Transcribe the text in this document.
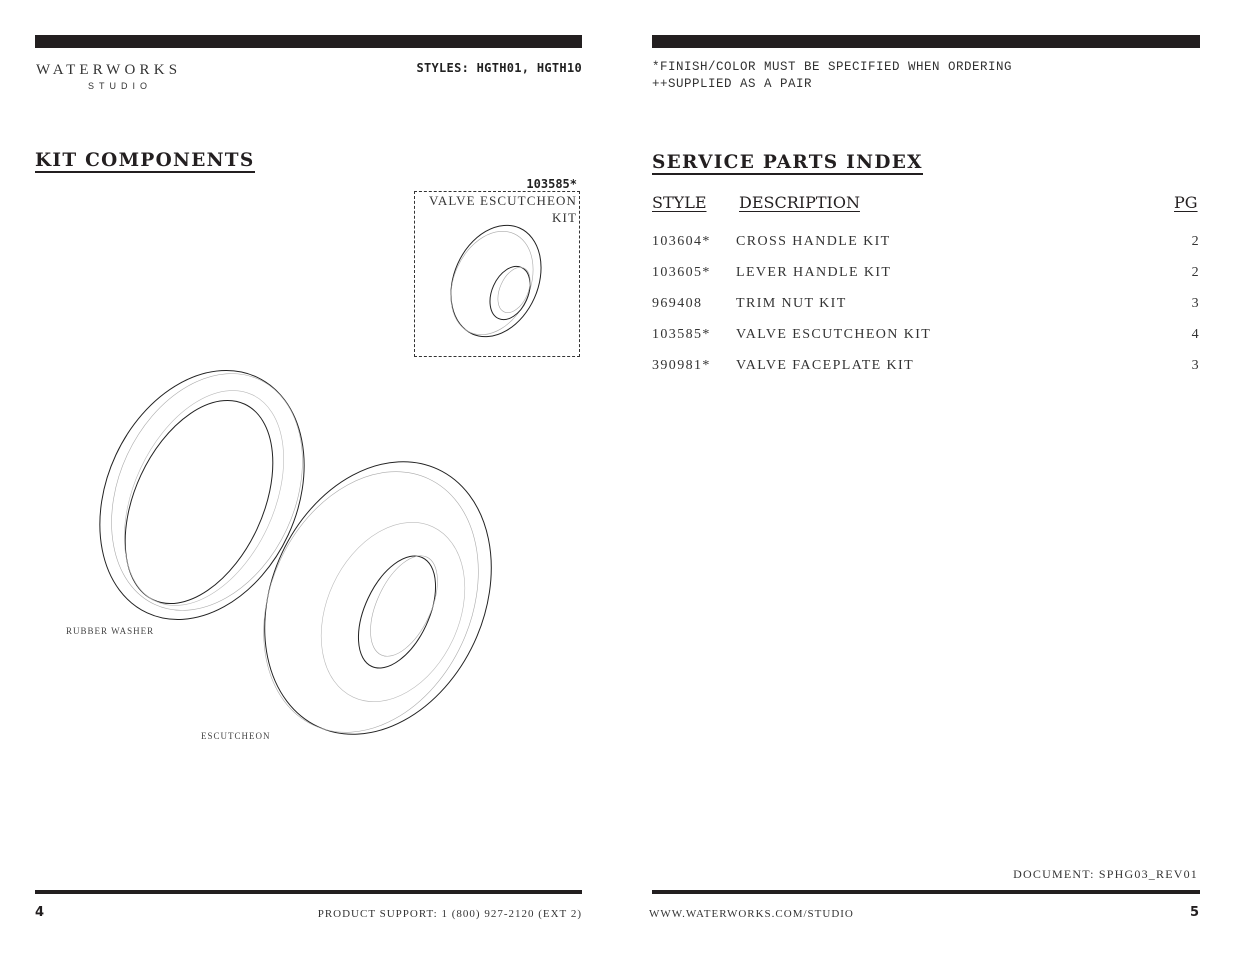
WATERWORKS
STUDIO
STYLES: HGTH01, HGTH10	*FINISH/COLOR MUST BE SPECIFIED WHEN ORDERING
++SUPPLIED AS A PAIR
KIT COMPONENTS	SERVICE PARTS INDEX
103585*
VALVE ESCUTCHEON KIT
RUBBER WASHER
ESCUTCHEON
STYLE DESCRIPTION	PG
103604* CROSS HANDLE KIT	2
103605* LEVER HANDLE KIT	2
969408 TRIM NUT KIT	3
103585* VALVE ESCUTCHEON KIT	4
390981* VALVE FACEPLATE KIT	3
DOCUMENT: SPHG03_REV01
4	PRODUCT SUPPORT: 1 (800) 927-2120 (EXT 2)	WWW.WATERWORKS.COM/STUDIO	5
